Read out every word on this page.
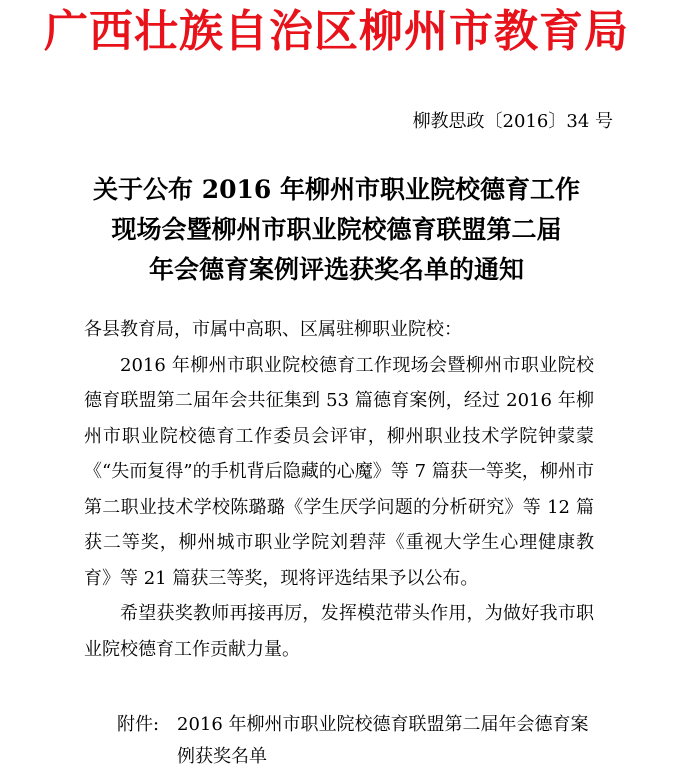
广西壮族自治区柳州市教育局
柳教思政〔2016〕34 号
关于公布 2016 年柳州市职业院校德育工作
现场会暨柳州市职业院校德育联盟第二届
年会德育案例评选获奖名单的通知

各县教育局，市属中高职、区属驻柳职业院校：

2016 年柳州市职业院校德育工作现场会暨柳州市职业院校德育联盟第二届年会共征集到 53 篇德育案例，经过 2016 年柳州市职业院校德育工作委员会评审，柳州职业技术学院钟蒙蒙《“失而复得”的手机背后隐藏的心魔》等 7 篇获一等奖，柳州市第二职业技术学校陈璐璐《学生厌学问题的分析研究》等 12 篇获二等奖，柳州城市职业学院刘碧萍《重视大学生心理健康教育》等 21 篇获三等奖，现将评选结果予以公布。

希望获奖教师再接再厉，发挥模范带头作用，为做好我市职业院校德育工作贡献力量。

附件: 2016 年柳州市职业院校德育联盟第二届年会德育案例获奖名单
